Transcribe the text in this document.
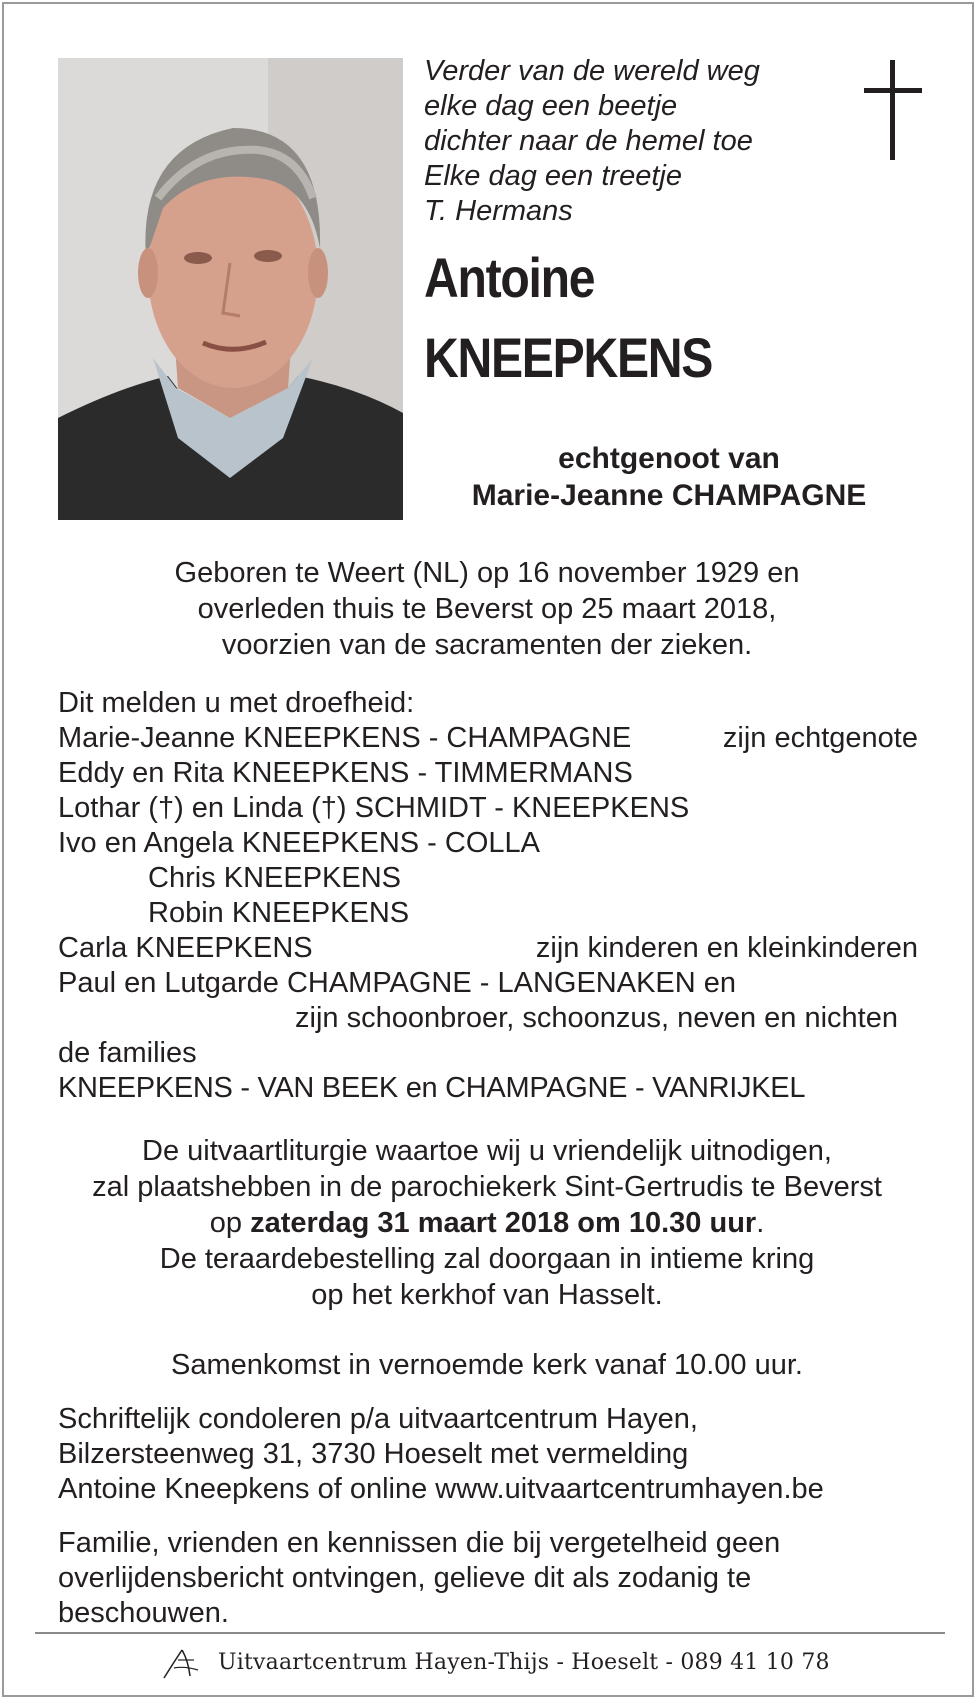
Verder van de wereld weg
elke dag een beetje
dichter naar de hemel toe
Elke dag een treetje
T. Hermans
Antoine
KNEEPKENS
echtgenoot van
Marie-Jeanne CHAMPAGNE
Geboren te Weert (NL) op 16 november 1929 en
overleden thuis te Beverst op 25 maart 2018,
voorzien van de sacramenten der zieken.
Dit melden u met droefheid:
Marie-Jeanne KNEEPKENS - CHAMPAGNE	zijn echtgenote
Eddy en Rita KNEEPKENS - TIMMERMANS
Lothar (†) en Linda (†) SCHMIDT - KNEEPKENS
Ivo en Angela KNEEPKENS - COLLA
Chris KNEEPKENS
Robin KNEEPKENS
Carla KNEEPKENS	zijn kinderen en kleinkinderen
Paul en Lutgarde CHAMPAGNE - LANGENAKEN en
zijn schoonbroer, schoonzus, neven en nichten
de families
KNEEPKENS - VAN BEEK en CHAMPAGNE - VANRIJKEL
De uitvaartliturgie waartoe wij u vriendelijk uitnodigen,
zal plaatshebben in de parochiekerk Sint-Gertrudis te Beverst
op zaterdag 31 maart 2018 om 10.30 uur.
De teraardebestelling zal doorgaan in intieme kring
op het kerkhof van Hasselt.
Samenkomst in vernoemde kerk vanaf 10.00 uur.
Schriftelijk condoleren p/a uitvaartcentrum Hayen,
Bilzersteenweg 31, 3730 Hoeselt met vermelding
Antoine Kneepkens of online www.uitvaartcentrumhayen.be
Familie, vrienden en kennissen die bij vergetelheid geen
overlijdensbericht ontvingen, gelieve dit als zodanig te
beschouwen.
Uitvaartcentrum Hayen-Thijs - Hoeselt - 089 41 10 78
